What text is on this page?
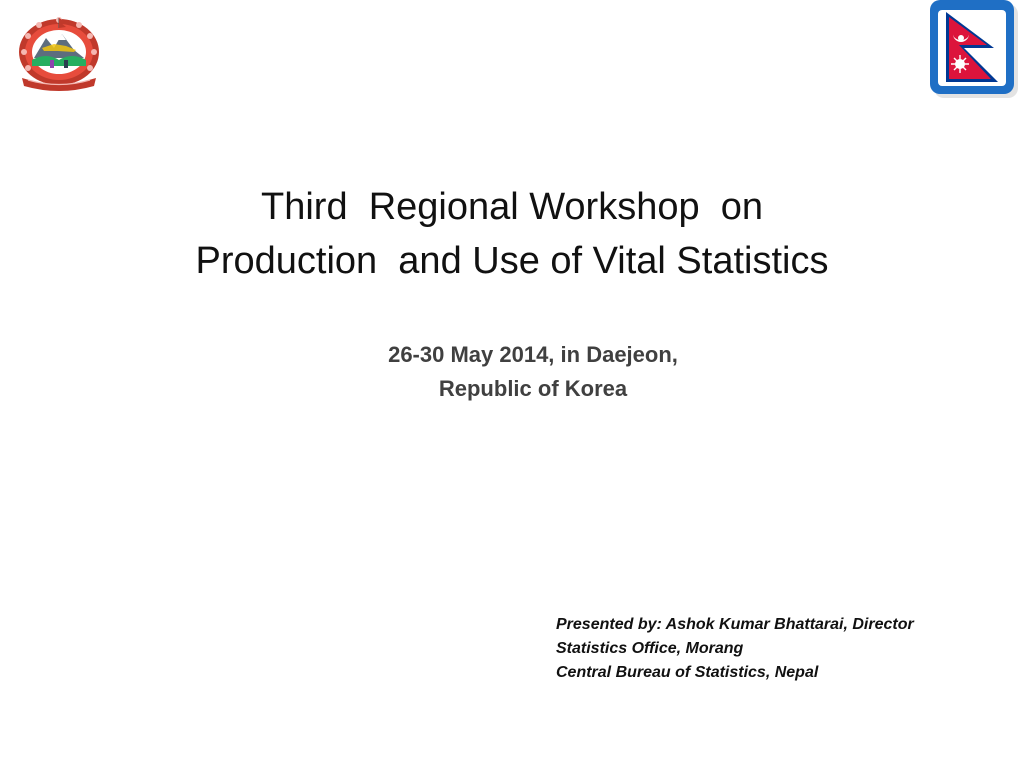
Third  Regional Workshop  on
Production  and Use of Vital Statistics
26-30 May 2014, in Daejeon,
Republic of Korea
Presented by: Ashok Kumar Bhattarai, Director
Statistics Office, Morang
Central Bureau of Statistics, Nepal
